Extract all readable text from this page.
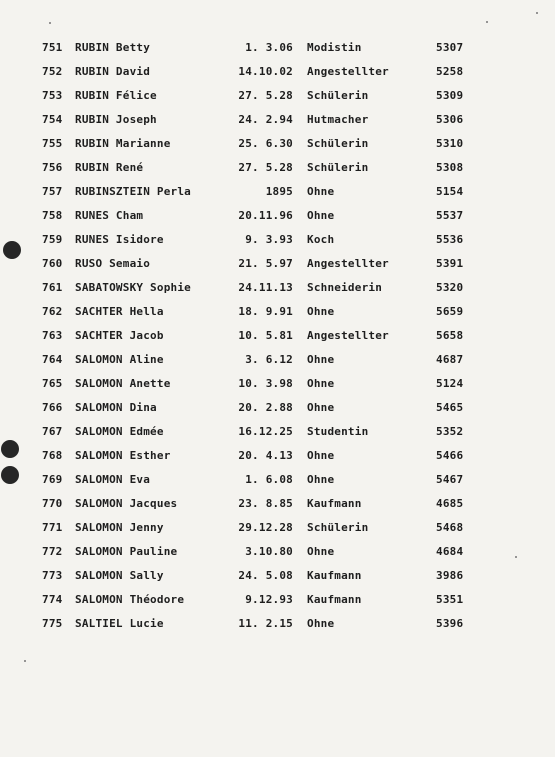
751	RUBIN Betty	1. 3.06 Modistin	5307
752	RUBIN David	14.10.02 Angestellter	5258
753	RUBIN Félice	27. 5.28 Schülerin	5309
754	RUBIN Joseph	24. 2.94 Hutmacher	5306
755	RUBIN Marianne	25. 6.30 Schülerin	5310
756	RUBIN René	27. 5.28 Schülerin	5308
757	RUBINSZTEIN Perla	1895 Ohne	5154
758	RUNES Cham	20.11.96 Ohne	5537
759	RUNES Isidore	9. 3.93 Koch	5536
760	RUSO Semaio	21. 5.97 Angestellter	5391
761	SABATOWSKY Sophie	24.11.13 Schneiderin	5320
762	SACHTER Hella	18. 9.91 Ohne	5659
763	SACHTER Jacob	10. 5.81 Angestellter	5658
764	SALOMON Aline	3. 6.12 Ohne	4687
765	SALOMON Anette	10. 3.98 Ohne	5124
766	SALOMON Dina	20. 2.88 Ohne	5465
767	SALOMON Edmée	16.12.25 Studentin	5352
768	SALOMON Esther	20. 4.13 Ohne	5466
769	SALOMON Eva	1. 6.08 Ohne	5467
770	SALOMON Jacques	23. 8.85 Kaufmann	4685
771	SALOMON Jenny	29.12.28 Schülerin	5468
772	SALOMON Pauline	3.10.80 Ohne	4684
773	SALOMON Sally	24. 5.08 Kaufmann	3986
774	SALOMON Théodore	9.12.93 Kaufmann	5351
775	SALTIEL Lucie	11. 2.15 Ohne	5396
